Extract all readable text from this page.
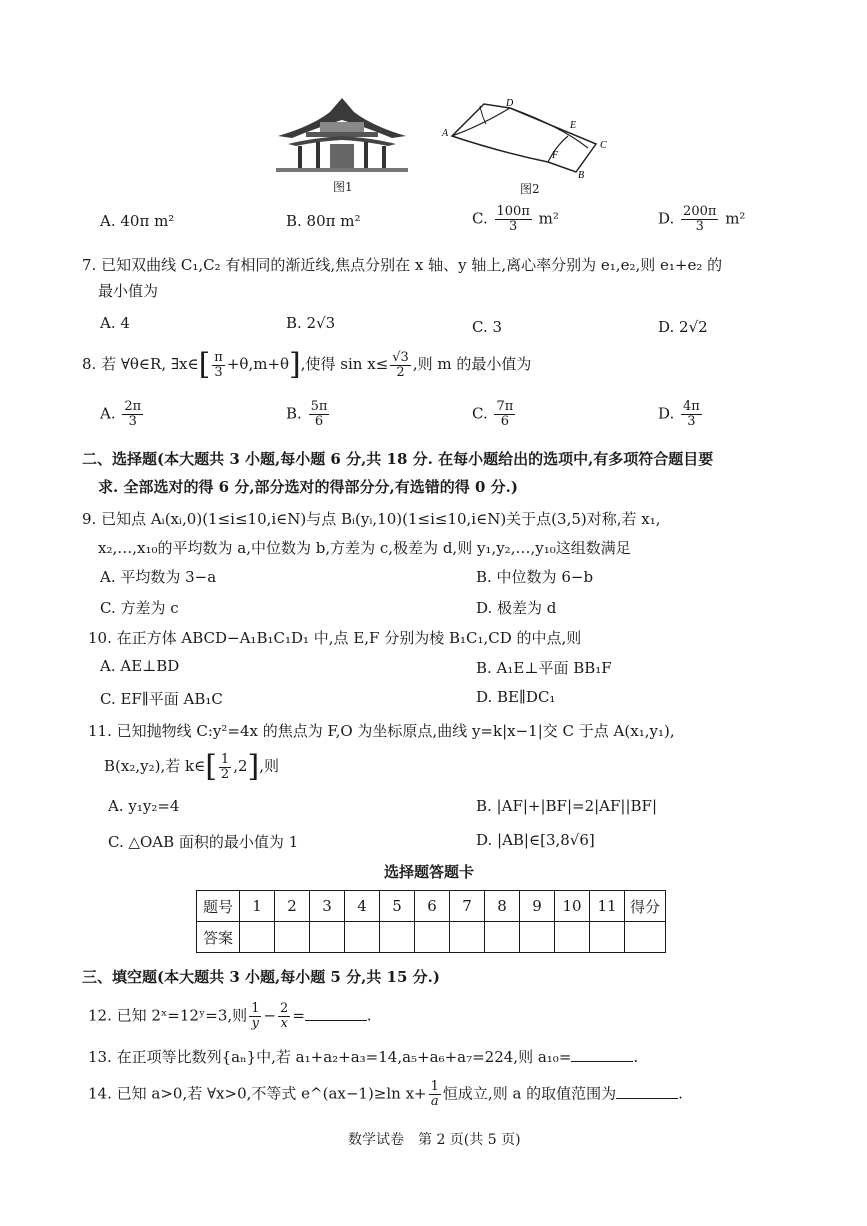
图1
A
D
E
F
C
B
图2
A. 40π m²	B. 80π m²	C. $\frac{100\pi}{3} m^2$	D. $\frac{200\pi}{3} m^2$
7. 已知双曲线 C₁,C₂ 有相同的渐近线,焦点分别在 x 轴、y 轴上,离心率分别为 e₁,e₂,则 e₁+e₂ 的
最小值为
A. 4	B. 2√3	C. 3	D. 2√2
8. 若 ∀θ∈R, ∃x∈[ $\frac{\pi}{3} +\theta,m+\theta$],使得 $\sin x\le \frac{√3}{2}$ ,则 m 的最小值为
A. $\frac{2\pi}{3}$	B. $\frac{5\pi}{6}$	C. $\frac{7\pi}{6}$	D. $\frac{4\pi}{3}$
二、选择题(本大题共 3 小题,每小题 6 分,共 18 分. 在每小题给出的选项中,有多项符合题目要
求. 全部选对的得 6 分,部分选对的得部分分,有选错的得 0 分.)
9. 已知点 Aᵢ(xᵢ,0)(1≤i≤10,i∈N)与点 Bᵢ(yᵢ,10)(1≤i≤10,i∈N)关于点(3,5)对称,若 x₁,
x₂,…,x₁₀的平均数为 a,中位数为 b,方差为 c,极差为 d,则 y₁,y₂,…,y₁₀这组数满足
A. 平均数为 3−a	B. 中位数为 6−b
C. 方差为 c	D. 极差为 d
10. 在正方体 ABCD−A₁B₁C₁D₁ 中,点 E,F 分别为棱 B₁C₁,CD 的中点,则
A. AE⊥BD	B. A₁E⊥平面 BB₁F
C. EF∥平面 AB₁C	D. BE∥DC₁
11. 已知抛物线 C:y²=4x 的焦点为 F,O 为坐标原点,曲线 y=k|x−1|交 C 于点 A(x₁,y₁),
B(x₂,y₂),若 k∈[ $\frac{1}{2} ,2$],则
A. y₁y₂=4	B. |AF|+|BF|=2|AF||BF|
C. △OAB 面积的最小值为 1	D. |AB|∈[3,8√6]
选择题答题卡
题号	1	2	3	4	5	6	7	8	9	10	11	得分
答案												
三、填空题(本大题共 3 小题,每小题 5 分,共 15 分.)
12. 已知 2ˣ=12ʸ=3,则 $\frac{1}{y} - \frac{2}{x}$ =	.
13. 在正项等比数列{aₙ}中,若 a₁+a₂+a₃=14,a₅+a₆+a₇=224,则 a₁₀=	.
14. 已知 a>0,若 ∀x>0,不等式 e^(ax−1)≥ln $x+ \frac{1}{a}$ 恒成立,则 a 的取值范围为	.
数学试卷　第 2 页(共 5 页)
